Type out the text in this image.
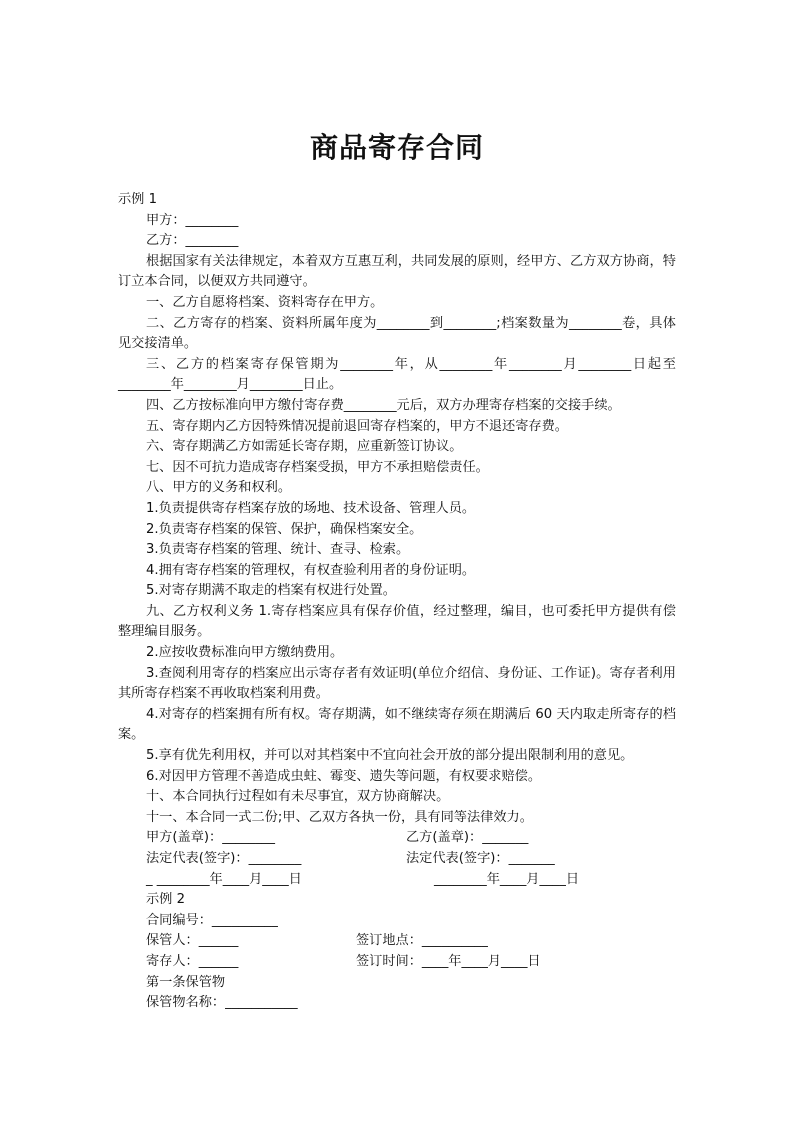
商品寄存合同
示例 1
甲方：________
乙方：________
根据国家有关法律规定，本着双方互惠互利，共同发展的原则，经甲方、乙方双方协商，特订立本合同，以便双方共同遵守。
一、乙方自愿将档案、资料寄存在甲方。
二、乙方寄存的档案、资料所属年度为________到________;档案数量为________卷，具体见交接清单。
三、乙方的档案寄存保管期为________年，从________年________月________日起至________年________月________日止。
四、乙方按标准向甲方缴付寄存费________元后，双方办理寄存档案的交接手续。
五、寄存期内乙方因特殊情况提前退回寄存档案的，甲方不退还寄存费。
六、寄存期满乙方如需延长寄存期，应重新签订协议。
七、因不可抗力造成寄存档案受损，甲方不承担赔偿责任。
八、甲方的义务和权利。
1.负责提供寄存档案存放的场地、技术设备、管理人员。
2.负责寄存档案的保管、保护，确保档案安全。
3.负责寄存档案的管理、统计、查寻、检索。
4.拥有寄存档案的管理权，有权查验利用者的身份证明。
5.对寄存期满不取走的档案有权进行处置。
九、乙方权利义务 1.寄存档案应具有保存价值，经过整理，编目，也可委托甲方提供有偿整理编目服务。
2.应按收费标准向甲方缴纳费用。
3.查阅利用寄存的档案应出示寄存者有效证明(单位介绍信、身份证、工作证)。寄存者利用其所寄存档案不再收取档案利用费。
4.对寄存的档案拥有所有权。寄存期满，如不继续寄存须在期满后 60 天内取走所寄存的档案。
5.享有优先利用权，并可以对其档案中不宜向社会开放的部分提出限制利用的意见。
6.对因甲方管理不善造成虫蛀、霉变、遗失等问题，有权要求赔偿。
十、本合同执行过程如有未尽事宜，双方协商解决。
十一、本合同一式二份;甲、乙双方各执一份，具有同等法律效力。
甲方(盖章)：________	乙方(盖章)：_______
法定代表(签字)：________	法定代表(签字)：_______
_ ________年____月____日	________年____月____日
示例 2
合同编号：__________
保管人：______	签订地点：__________
寄存人：______	签订时间：____年____月____日
第一条保管物
保管物名称：___________
